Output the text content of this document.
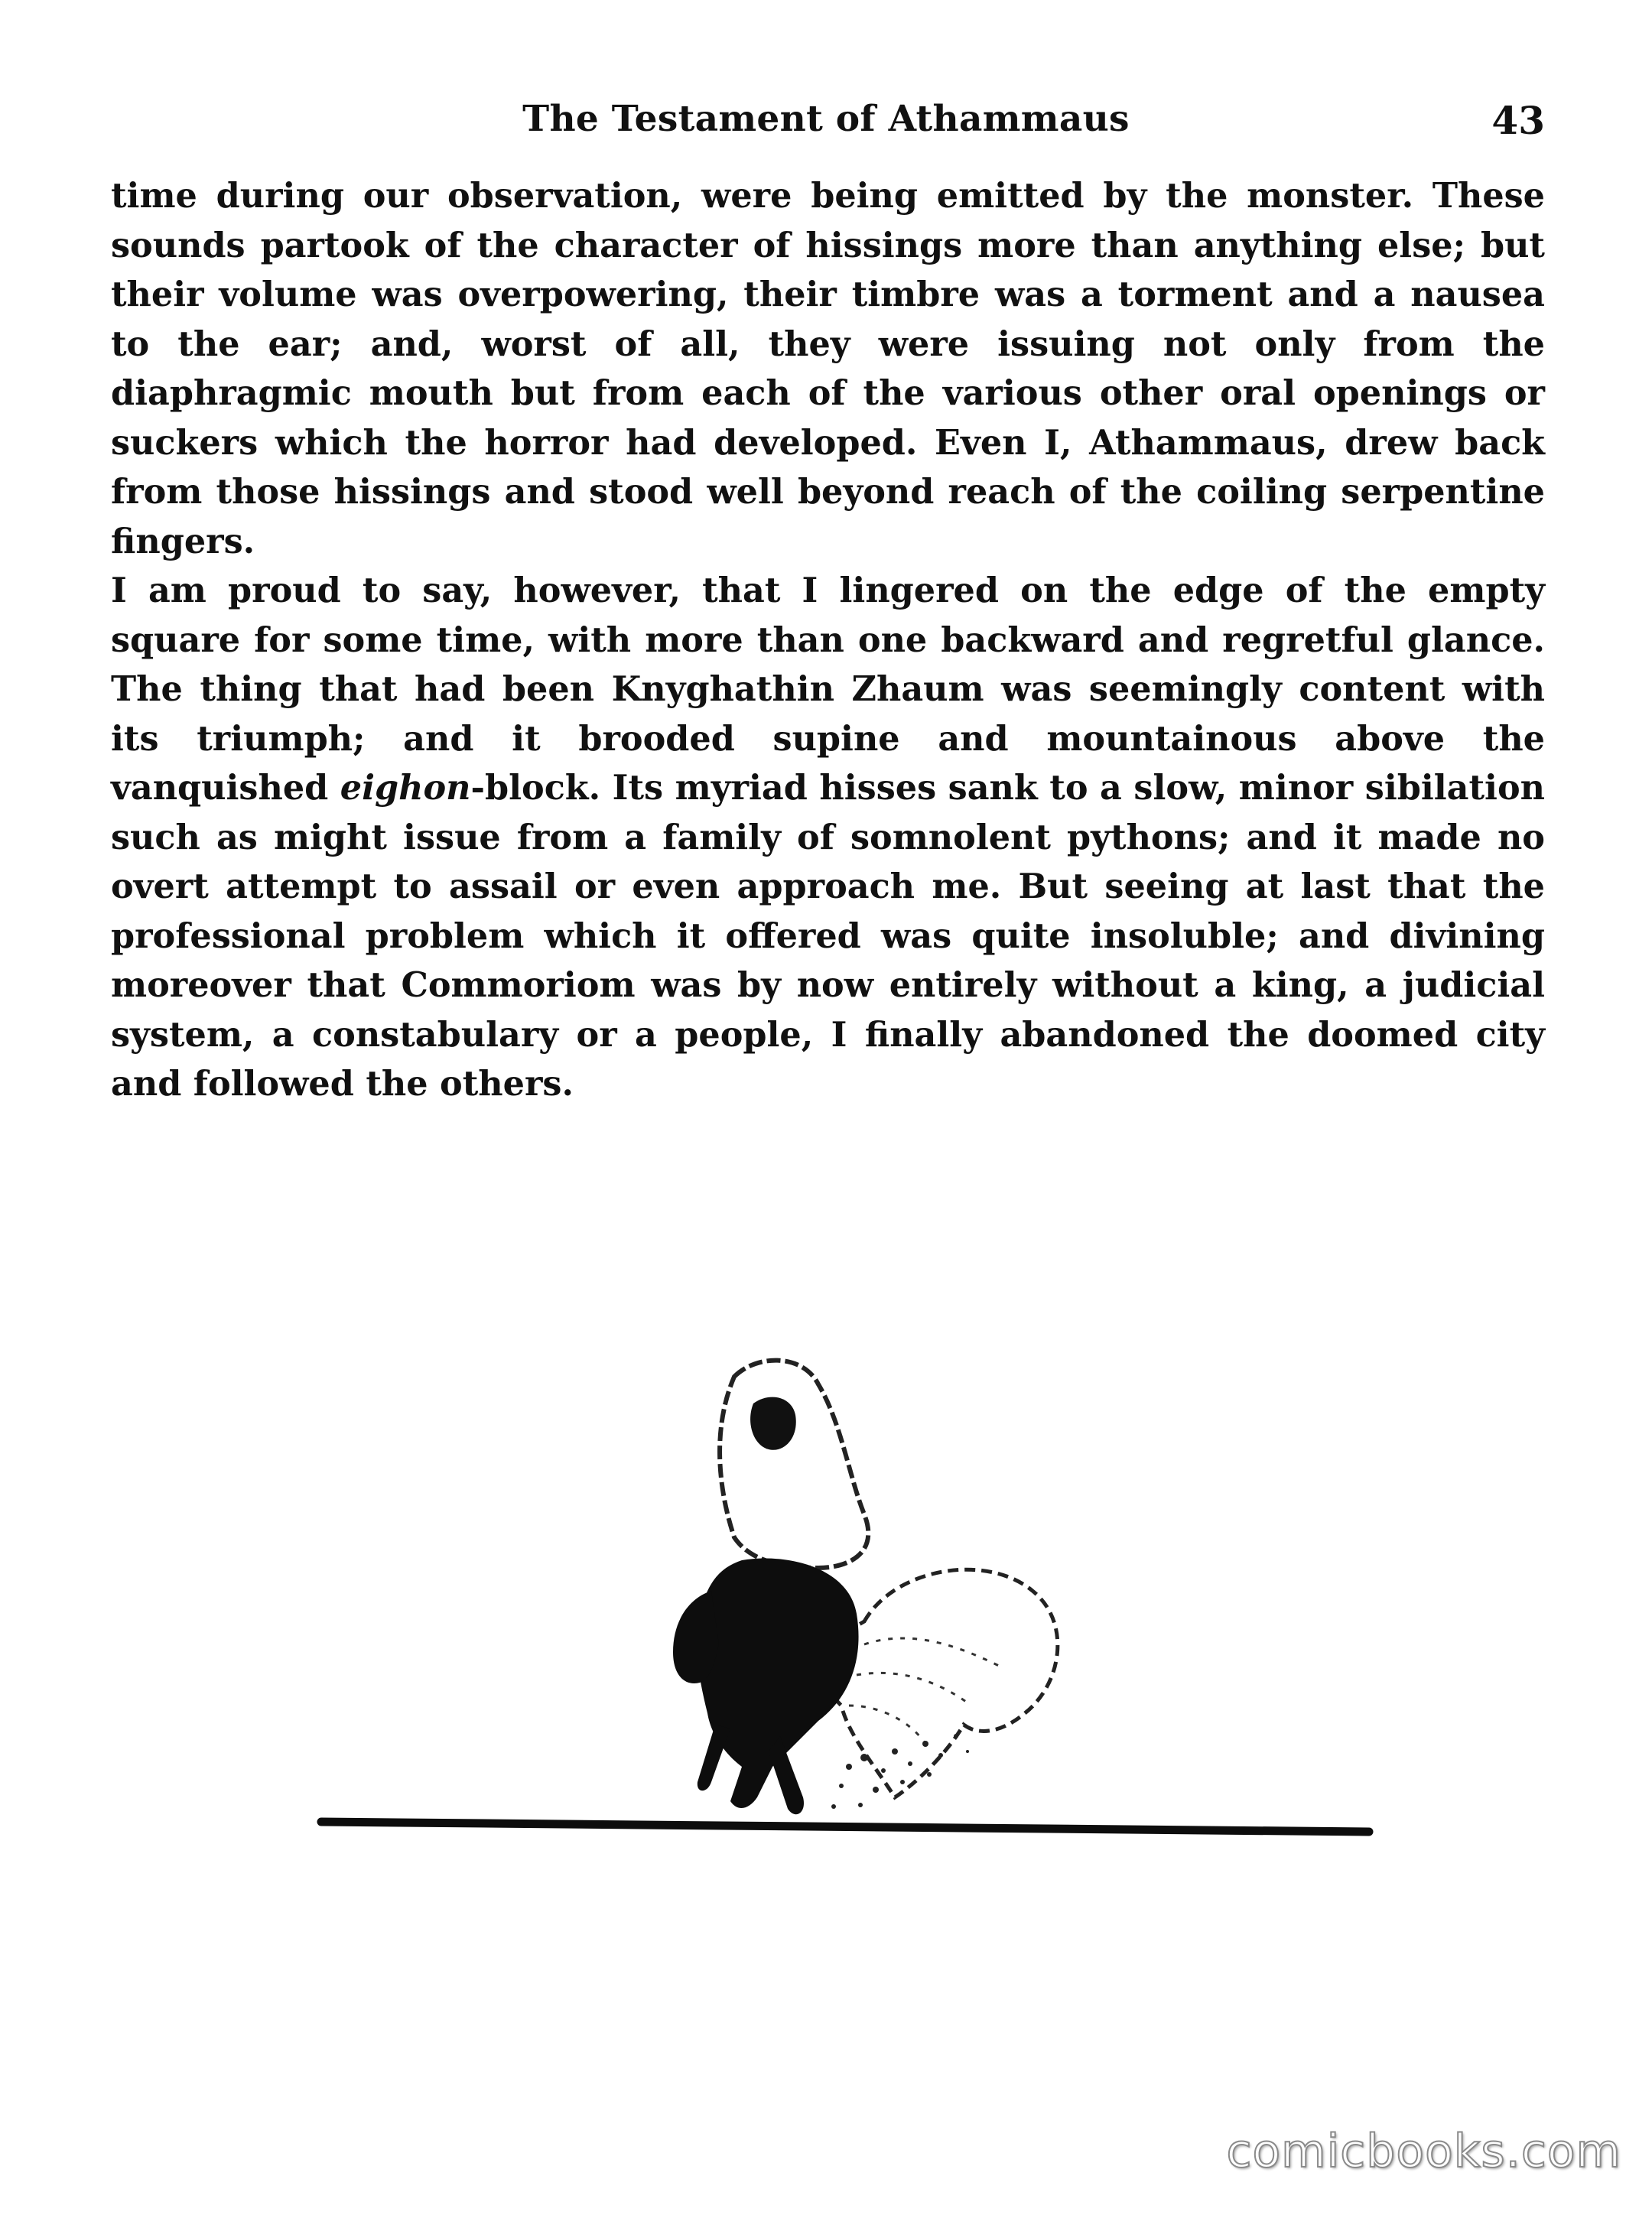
The Testament of Athammaus	43

time during our observation, were being emitted by the monster. These
sounds partook of the character of hissings more than anything else; but
their volume was overpowering, their timbre was a torment and a nausea
to the ear; and, worst of all, they were issuing not only from the
diaphragmic mouth but from each of the various other oral openings or
suckers which the horror had developed. Even I, Athammaus, drew back
from those hissings and stood well beyond reach of the coiling serpentine
fingers.

I am proud to say, however, that I lingered on the edge of the empty
square for some time, with more than one backward and regretful glance.
The thing that had been Knyghathin Zhaum was seemingly content with
its triumph; and it brooded supine and mountainous above the
vanquished eighon-block. Its myriad hisses sank to a slow, minor sibilation
such as might issue from a family of somnolent pythons; and it made no
overt attempt to assail or even approach me. But seeing at last that the
professional problem which it offered was quite insoluble; and divining
moreover that Commoriom was by now entirely without a king, a judicial
system, a constabulary or a people, I finally abandoned the doomed city
and followed the others.

comicbooks.com
